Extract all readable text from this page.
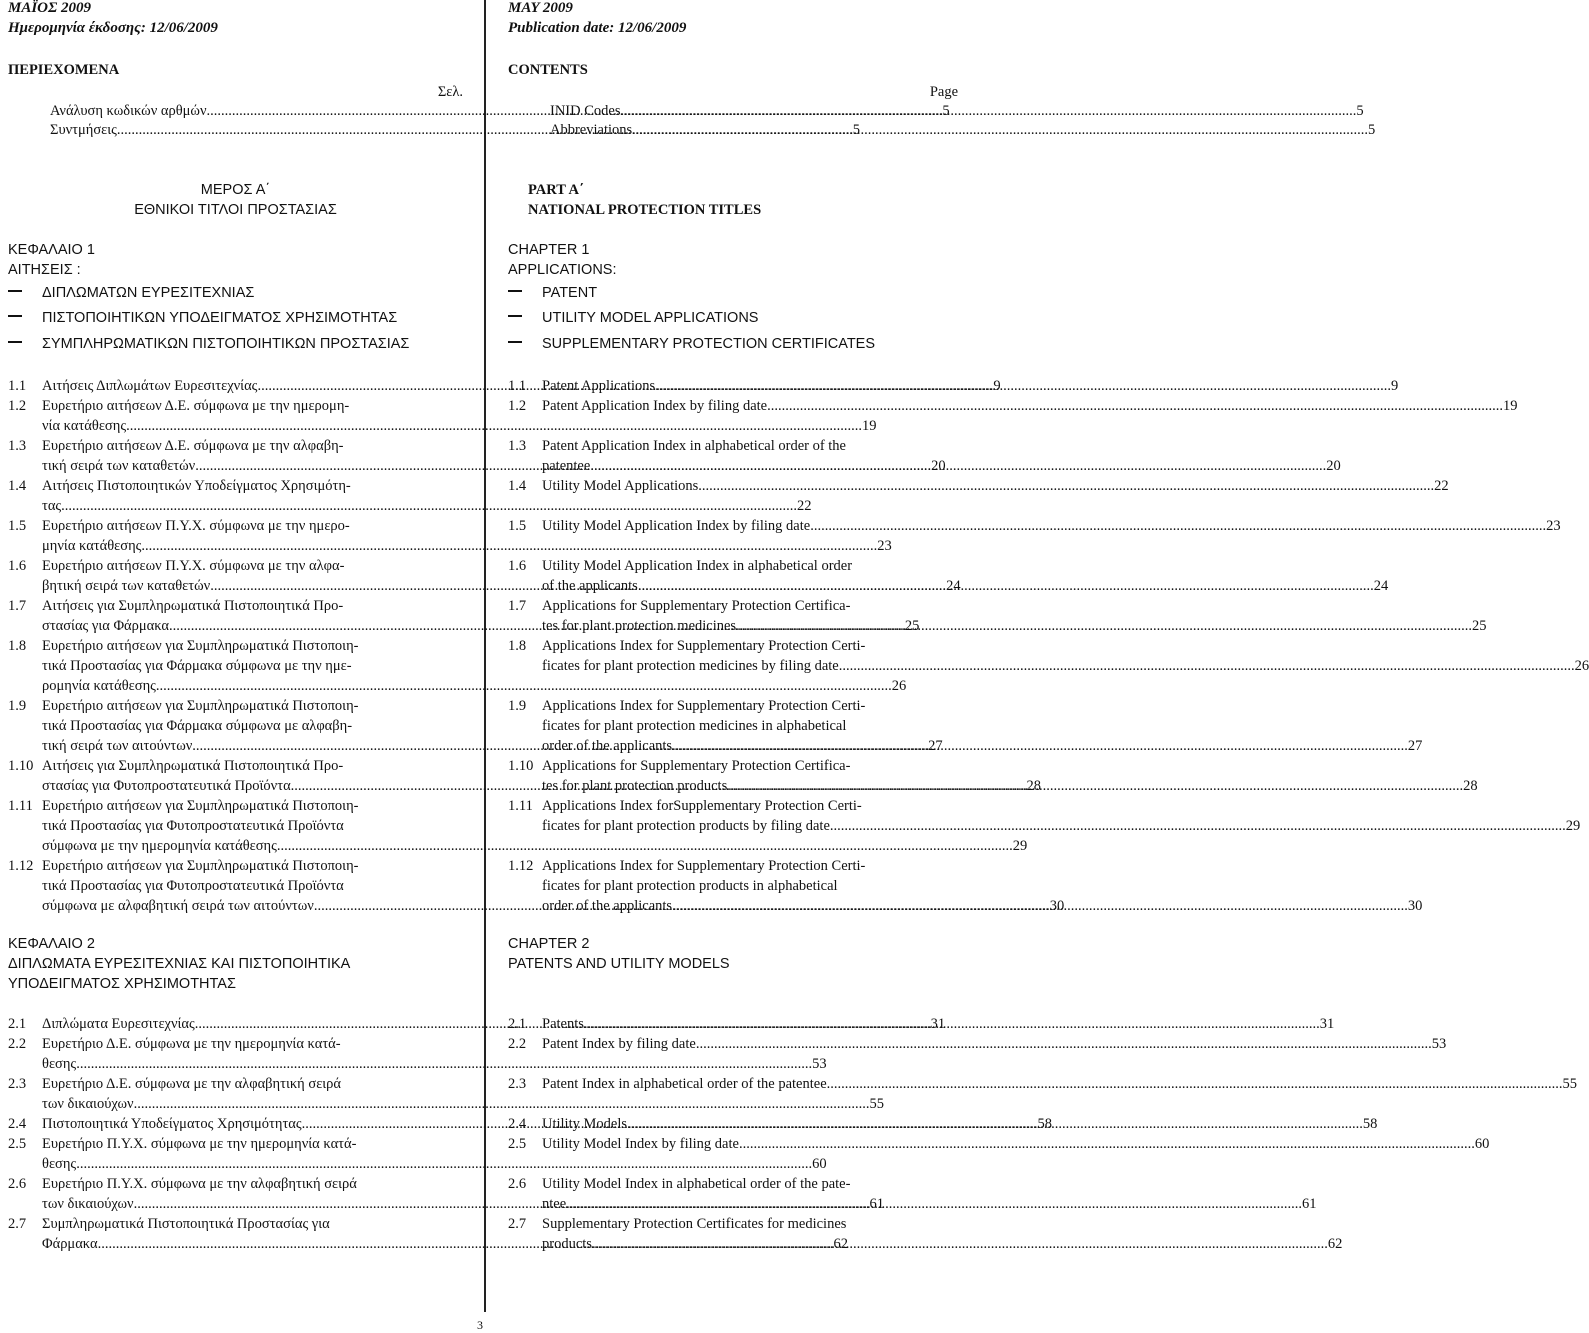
ΜΑΪΟΣ 2009
Ημερομηνία έκδοσης: 12/06/2009
ΠΕΡΙΕΧΟΜΕΝΑ
Σελ.
Ανάλυση κωδικών αρθμών .....	5
Συντμήσεις .....	5
ΜΕΡΟΣ Α΄
ΕΘΝΙΚΟΙ ΤΙΤΛΟΙ ΠΡΟΣΤΑΣΙΑΣ
ΚΕΦΑΛΑΙΟ 1
ΑΙΤΗΣΕΙΣ :
ΔΙΠΛΩΜΑΤΩΝ ΕΥΡΕΣΙΤΕΧΝΙΑΣ
ΠΙΣΤΟΠΟΙΗΤΙΚΩΝ ΥΠΟΔΕΙΓΜΑΤΟΣ ΧΡΗΣΙΜΟΤΗΤΑΣ
ΣΥΜΠΛΗΡΩΜΑΤΙΚΩΝ ΠΙΣΤΟΠΟΙΗΤΙΚΩΝ ΠΡΟΣΤΑΣΙΑΣ
1.1 Αιτήσεις Διπλωμάτων Ευρεσιτεχνίας .....	9
1.2 Ευρετήριο αιτήσεων Δ.Ε. σύμφωνα με την ημερομη-
νία κατάθεσης .....	19
1.3 Ευρετήριο αιτήσεων Δ.Ε. σύμφωνα με την αλφαβη-
τική σειρά των καταθετών .....	20
1.4 Αιτήσεις Πιστοποιητικών Υποδείγματος Χρησιμότη-
τας .....	22
1.5 Ευρετήριο αιτήσεων Π.Υ.Χ. σύμφωνα με την ημερο-
μηνία κατάθεσης .....	23
1.6 Ευρετήριο αιτήσεων Π.Υ.Χ. σύμφωνα με την αλφα-
βητική σειρά των καταθετών .....	24
1.7 Αιτήσεις για Συμπληρωματικά Πιστοποιητικά Προ-
στασίας για Φάρμακα .....	25
1.8 Ευρετήριο αιτήσεων για Συμπληρωματικά Πιστοποιη-
τικά Προστασίας για Φάρμακα σύμφωνα με την ημε-
ρομηνία κατάθεσης .....	26
1.9 Ευρετήριο αιτήσεων για Συμπληρωματικά Πιστοποιη-
τικά Προστασίας για Φάρμακα σύμφωνα με αλφαβη-
τική σειρά των αιτούντων .....	27
1.10 Αιτήσεις για Συμπληρωματικά Πιστοποιητικά Προ-
στασίας για Φυτοπροστατευτικά Προϊόντα .....	28
1.11 Ευρετήριο αιτήσεων για Συμπληρωματικά Πιστοποιη-
τικά Προστασίας για Φυτοπροστατευτικά Προϊόντα
σύμφωνα με την ημερομηνία κατάθεσης .....	29
1.12 Ευρετήριο αιτήσεων για Συμπληρωματικά Πιστοποιη-
τικά Προστασίας για Φυτοπροστατευτικά Προϊόντα
σύμφωνα με αλφαβητική σειρά των αιτούντων .....	30
ΚΕΦΑΛΑΙΟ 2
ΔΙΠΛΩΜΑΤΑ ΕΥΡΕΣΙΤΕΧΝΙΑΣ ΚΑΙ ΠΙΣΤΟΠΟΙΗΤΙΚΑ
ΥΠΟΔΕΙΓΜΑΤΟΣ ΧΡΗΣΙΜΟΤΗΤΑΣ
2.1 Διπλώματα Ευρεσιτεχνίας .....	31
2.2 Ευρετήριο Δ.Ε. σύμφωνα με την ημερομηνία κατά-
θεσης .....	53
2.3 Ευρετήριο Δ.Ε. σύμφωνα με την αλφαβητική σειρά
των δικαιούχων .....	55
2.4 Πιστοποιητικά Υποδείγματος Χρησιμότητας .....	58
2.5 Ευρετήριο Π.Υ.Χ. σύμφωνα με την ημερομηνία κατά-
θεσης .....	60
2.6 Ευρετήριο Π.Υ.Χ. σύμφωνα με την αλφαβητική σειρά
των δικαιούχων .....	61
2.7 Συμπληρωματικά Πιστοποιητικά Προστασίας για
Φάρμακα .....	62
MAY 2009
Publication date: 12/06/2009
CONTENTS
Page
INID Codes .....	5
Abbreviations .....	5
PART A΄
NATIONAL PROTECTION TITLES
CHAPTER 1
APPLICATIONS:
PATENT
UTILITY MODEL APPLICATIONS
SUPPLEMENTARY PROTECTION CERTIFICATES
1.1 Patent Applications .....	9
1.2 Patent Application Index by filing date .....	19
1.3 Patent Application Index in alphabetical order of the
patentee .....	20
1.4 Utility Model Applications .....	22
1.5 Utility Model Application Index by filing date .....	23
1.6 Utility Model Application Index in alphabetical order
of the applicants .....	24
1.7 Applications for Supplementary Protection Certifica-
tes for plant protection medicines .....	25
1.8 Applications Index for Supplementary Protection Certi-
ficates for plant protection medicines by filing date .....	26
1.9 Applications Index for Supplementary Protection Certi-
ficates for plant protection medicines in alphabetical
order of the applicants .....	27
1.10 Applications for Supplementary Protection Certifica-
tes for plant protection products .....	28
1.11 Applications Index forSupplementary Protection Certi-
ficates for plant protection products by filing date .....	29
1.12 Applications Index for Supplementary Protection Certi-
ficates for plant protection products in alphabetical
order of the applicants .....	30
CHAPTER 2
PATENTS AND UTILITY MODELS
2.1 Patents .....	31
2.2 Patent Index by filing date .....	53
2.3 Patent Index in alphabetical order of the patentee .....	55
2.4 Utility Models .....	58
2.5 Utility Model Index by filing date .....	60
2.6 Utility Model Index in alphabetical order of the pate-
ntee .....	61
2.7 Supplementary Protection Certificates for medicines
products .....	62
3
